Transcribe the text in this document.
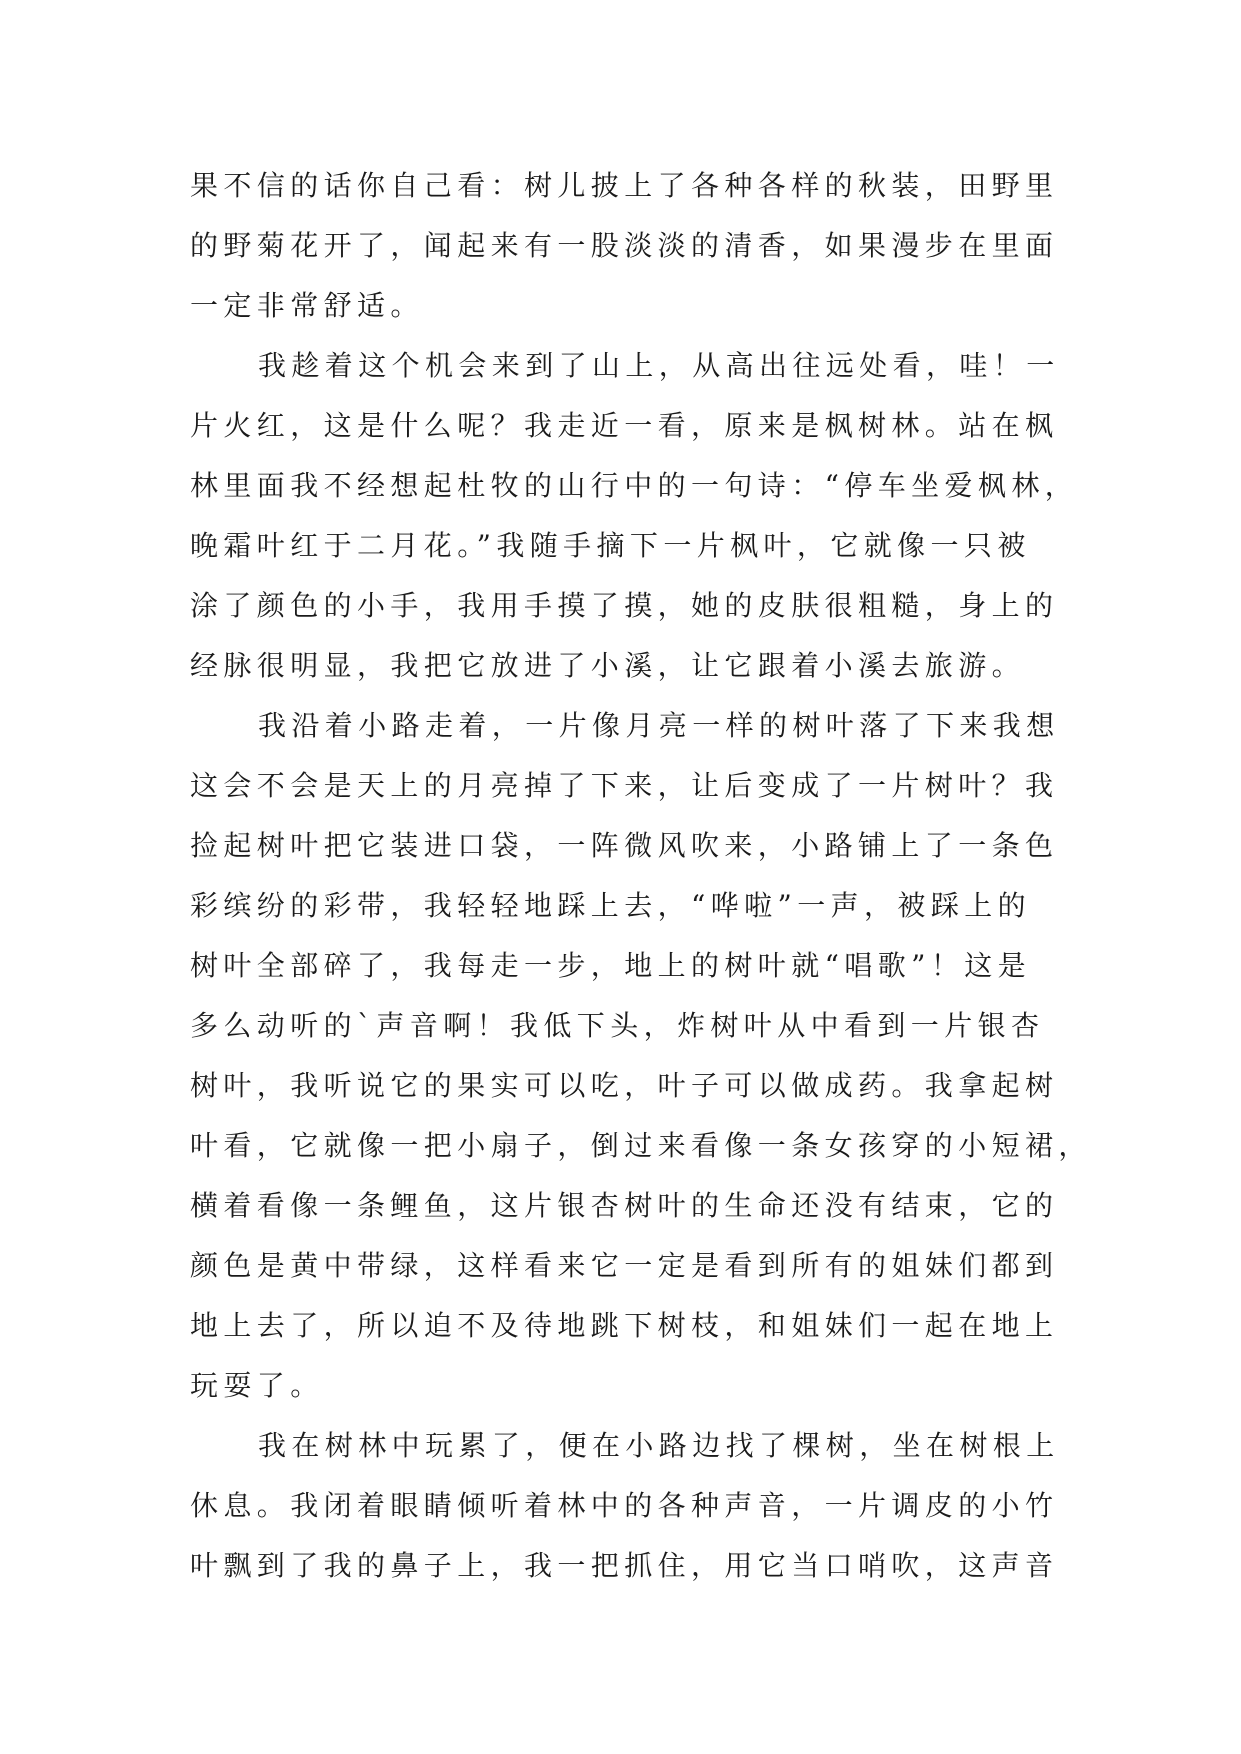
果不信的话你自己看：树儿披上了各种各样的秋装，田野里
的野菊花开了，闻起来有一股淡淡的清香，如果漫步在里面
一定非常舒适。
我趁着这个机会来到了山上，从高出往远处看，哇！一
片火红，这是什么呢？我走近一看，原来是枫树林。站在枫
林里面我不经想起杜牧的山行中的一句诗：“停车坐爱枫林，
晚霜叶红于二月花。”我随手摘下一片枫叶，它就像一只被
涂了颜色的小手，我用手摸了摸，她的皮肤很粗糙，身上的
经脉很明显，我把它放进了小溪，让它跟着小溪去旅游。
我沿着小路走着，一片像月亮一样的树叶落了下来我想
这会不会是天上的月亮掉了下来，让后变成了一片树叶？我
捡起树叶把它装进口袋，一阵微风吹来，小路铺上了一条色
彩缤纷的彩带，我轻轻地踩上去，“哗啦”一声，被踩上的
树叶全部碎了，我每走一步，地上的树叶就“唱歌”！这是
多么动听的`声音啊！我低下头，炸树叶从中看到一片银杏
树叶，我听说它的果实可以吃，叶子可以做成药。我拿起树
叶看，它就像一把小扇子，倒过来看像一条女孩穿的小短裙，
横着看像一条鲤鱼，这片银杏树叶的生命还没有结束，它的
颜色是黄中带绿，这样看来它一定是看到所有的姐妹们都到
地上去了，所以迫不及待地跳下树枝，和姐妹们一起在地上
玩耍了。
我在树林中玩累了，便在小路边找了棵树，坐在树根上
休息。我闭着眼睛倾听着林中的各种声音，一片调皮的小竹
叶飘到了我的鼻子上，我一把抓住，用它当口哨吹，这声音
